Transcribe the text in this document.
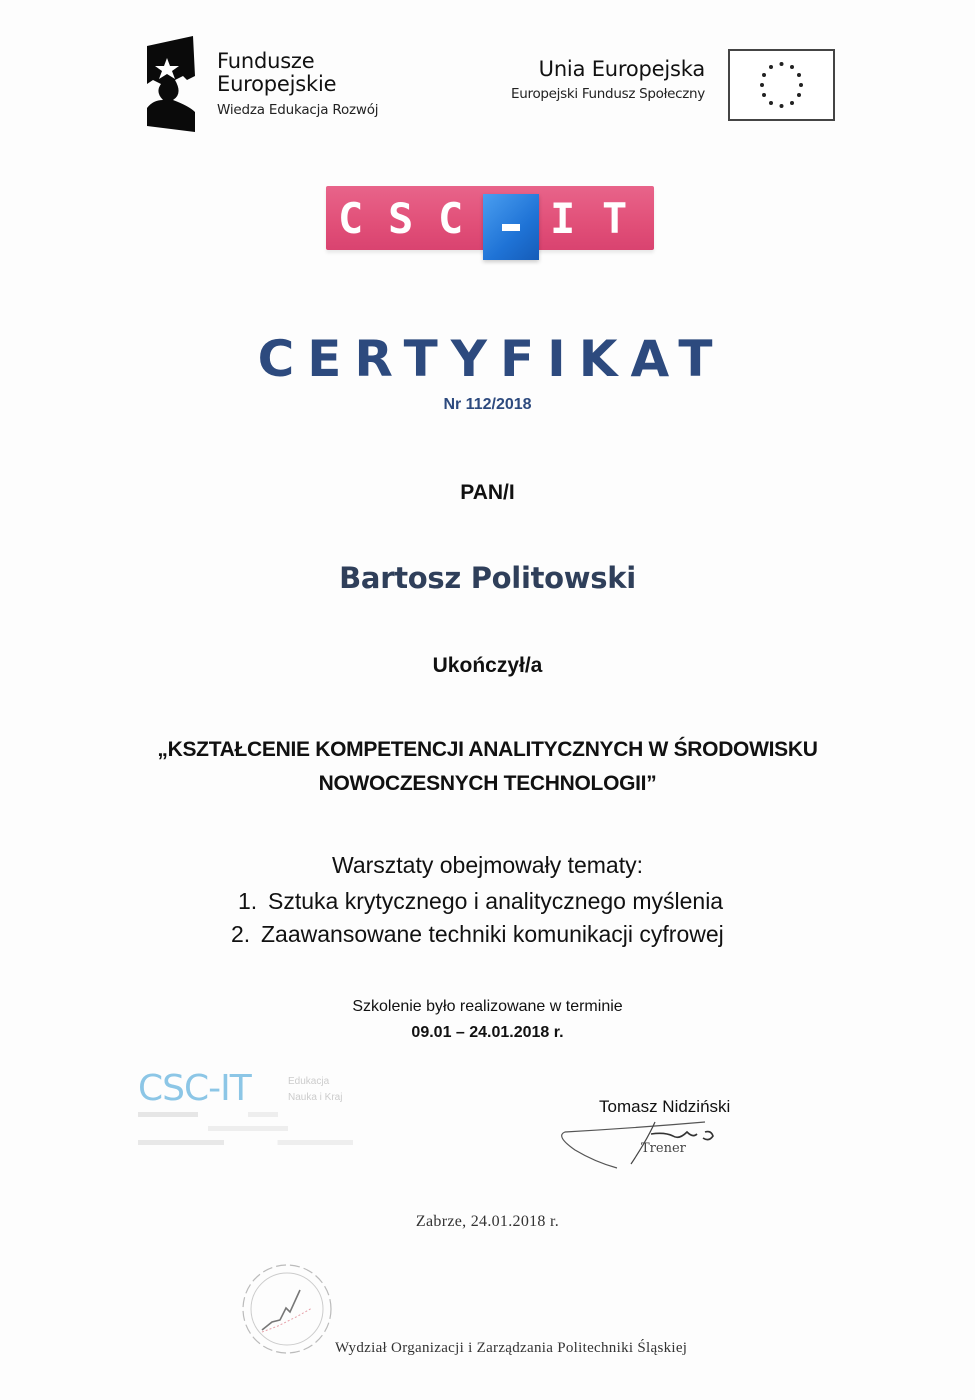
Fundusze
Europejskie
Wiedza Edukacja Rozwój
Unia Europejska
Europejski Fundusz Społeczny
C S C I T
CERTYFIKAT
Nr 112/2018
PAN/I
Bartosz Politowski
Ukończył/a
„KSZTAŁCENIE KOMPETENCJI ANALITYCZNYCH W ŚRODOWISKU
NOWOCZESNYCH TECHNOLOGII”
Warsztaty obejmowały tematy:
1. Sztuka krytycznego i analitycznego myślenia
2. Zaawansowane techniki komunikacji cyfrowej
Szkolenie było realizowane w terminie
09.01 – 24.01.2018 r.
CSC-IT	Edukacja
Nauka i Kraj	Tomasz Nidziński
Trener
Zabrze, 24.01.2018 r.
Wydział Organizacji i Zarządzania Politechniki Śląskiej
